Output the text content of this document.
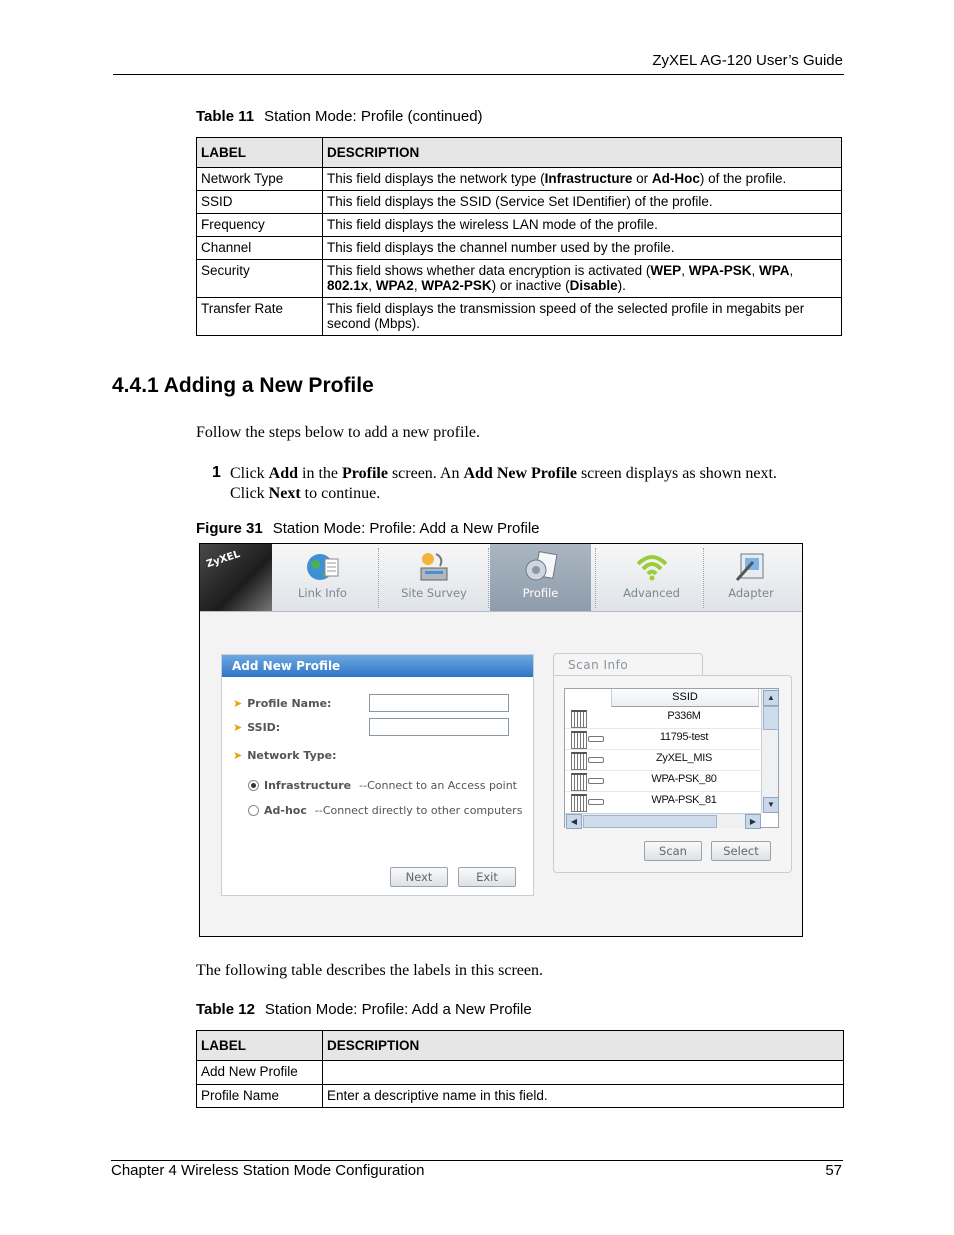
ZyXEL AG-120 User’s Guide
Table 11 Station Mode: Profile (continued)
LABEL	DESCRIPTION
Network Type	This field displays the network type (Infrastructure or Ad-Hoc) of the profile.
SSID	This field displays the SSID (Service Set IDentifier) of the profile.
Frequency	This field displays the wireless LAN mode of the profile.
Channel	This field displays the channel number used by the profile.
Security	This field shows whether data encryption is activated (WEP, WPA-PSK, WPA,
802.1x, WPA2, WPA2-PSK) or inactive (Disable).
Transfer Rate	This field displays the transmission speed of the selected profile in megabits per
second (Mbps).
4.4.1 Adding a New Profile
Follow the steps below to add a new profile.
1 Click Add in the Profile screen. An Add New Profile screen displays as shown next.
Click Next to continue.
Figure 31 Station Mode: Profile: Add a New Profile
ZyXEL
Link Info	Site Survey	Profile	Advanced	Adapter
Add New Profile
➤ Profile Name:
➤ SSID:
➤ Network Type:
Infrastructure --Connect to an Access point
Ad-hoc --Connect directly to other computers
Next	Exit
Scan Info
Scan	Select
SSID
P336M
11795-test
ZyXEL_MIS
WPA-PSK_80
WPA-PSK_81
▲
▼
◀	▶
The following table describes the labels in this screen.
Table 12 Station Mode: Profile: Add a New Profile
LABEL	DESCRIPTION
Add New Profile	
Profile Name	Enter a descriptive name in this field.
Chapter 4 Wireless Station Mode Configuration	57
